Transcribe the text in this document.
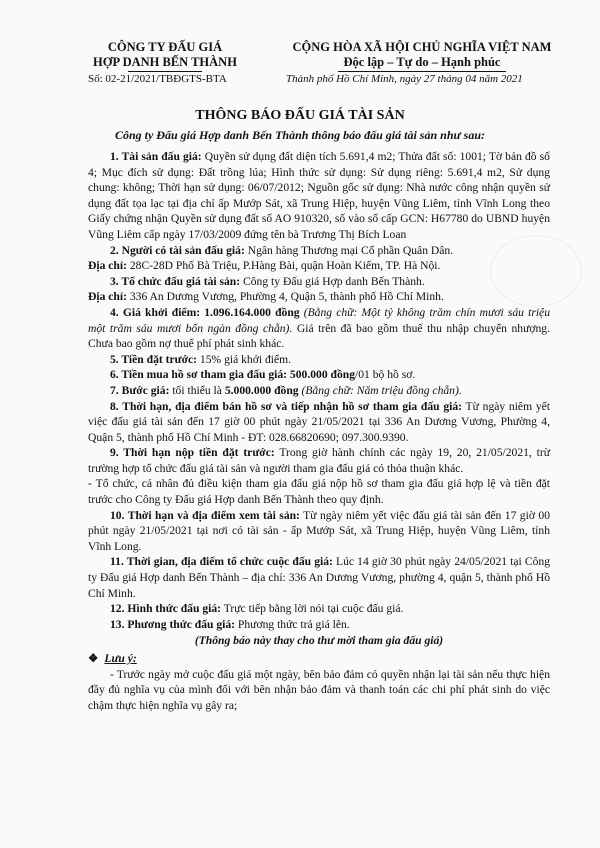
CÔNG TY ĐẤU GIÁ
HỢP DANH BẾN THÀNH
Số: 02-21/2021/TBĐGTS-BTA
CỘNG HÒA XÃ HỘI CHỦ NGHĨA VIỆT NAM
Độc lập – Tự do – Hạnh phúc
Thành phố Hồ Chí Minh, ngày 27 tháng 04 năm 2021
THÔNG BÁO ĐẤU GIÁ TÀI SẢN
Công ty Đấu giá Hợp danh Bến Thành thông báo đấu giá tài sản như sau:

1. Tài sản đấu giá: Quyền sử dụng đất diện tích 5.691,4 m2; Thửa đất số: 1001; Tờ bản đồ số 4; Mục đích sử dụng: Đất trồng lúa; Hình thức sử dụng: Sử dụng riêng: 5.691,4 m2, Sử dụng chung: không; Thời hạn sử dụng: 06/07/2012; Nguồn gốc sử dụng: Nhà nước công nhận quyền sử dụng đất tọa lạc tại địa chỉ ấp Mướp Sát, xã Trung Hiệp, huyện Vũng Liêm, tỉnh Vĩnh Long theo Giấy chứng nhận Quyền sử dụng đất số AO 910320, số vào sổ cấp GCN: H67780 do UBND huyện Vũng Liêm cấp ngày 17/03/2009 đứng tên bà Trương Thị Bích Loan

2. Người có tài sản đấu giá: Ngân hàng Thương mại Cổ phần Quân Dân.

Địa chỉ: 28C-28D Phố Bà Triệu, P.Hàng Bài, quận Hoàn Kiếm, TP. Hà Nội.

3. Tổ chức đấu giá tài sản: Công ty Đấu giá Hợp danh Bến Thành.

Địa chỉ: 336 An Dương Vương, Phường 4, Quận 5, thành phố Hồ Chí Minh.

4. Giá khởi điểm: 1.096.164.000 đồng (Bằng chữ: Một tỷ không trăm chín mươi sáu triệu một trăm sáu mươi bốn ngàn đồng chẵn). Giá trên đã bao gồm thuế thu nhập chuyển nhượng. Chưa bao gồm nợ thuế phí phát sinh khác.

5. Tiền đặt trước: 15% giá khởi điểm.

6. Tiền mua hồ sơ tham gia đấu giá: 500.000 đồng/01 bộ hồ sơ.

7. Bước giá: tối thiểu là 5.000.000 đồng (Bằng chữ: Năm triệu đồng chẵn).

8. Thời hạn, địa điểm bán hồ sơ và tiếp nhận hồ sơ tham gia đấu giá: Từ ngày niêm yết việc đấu giá tài sản đến 17 giờ 00 phút ngày 21/05/2021 tại 336 An Dương Vương, Phường 4, Quận 5, thành phố Hồ Chí Minh - ĐT: 028.66820690; 097.300.9390.

9. Thời hạn nộp tiền đặt trước: Trong giờ hành chính các ngày 19, 20, 21/05/2021, trừ trường hợp tổ chức đấu giá tài sản và người tham gia đấu giá có thỏa thuận khác.

- Tổ chức, cá nhân đủ điều kiện tham gia đấu giá nộp hồ sơ tham gia đấu giá hợp lệ và tiền đặt trước cho Công ty Đấu giá Hợp danh Bến Thành theo quy định.

10. Thời hạn và địa điểm xem tài sản: Từ ngày niêm yết việc đấu giá tài sản đến 17 giờ 00 phút ngày 21/05/2021 tại nơi có tài sản - ấp Mướp Sát, xã Trung Hiệp, huyện Vũng Liêm, tỉnh Vĩnh Long.

11. Thời gian, địa điểm tổ chức cuộc đấu giá: Lúc 14 giờ 30 phút ngày 24/05/2021 tại Công ty Đấu giá Hợp danh Bến Thành – địa chỉ: 336 An Dương Vương, phường 4, quận 5, thành phố Hồ Chí Minh.

12. Hình thức đấu giá: Trực tiếp bằng lời nói tại cuộc đấu giá.

13. Phương thức đấu giá: Phương thức trả giá lên.

(Thông báo này thay cho thư mời tham gia đấu giá)

❖ Lưu ý:

- Trước ngày mở cuộc đấu giá một ngày, bên bảo đảm có quyền nhận lại tài sản nếu thực hiện đầy đủ nghĩa vụ của mình đối với bên nhận bảo đảm và thanh toán các chi phí phát sinh do việc chậm thực hiện nghĩa vụ gây ra;
